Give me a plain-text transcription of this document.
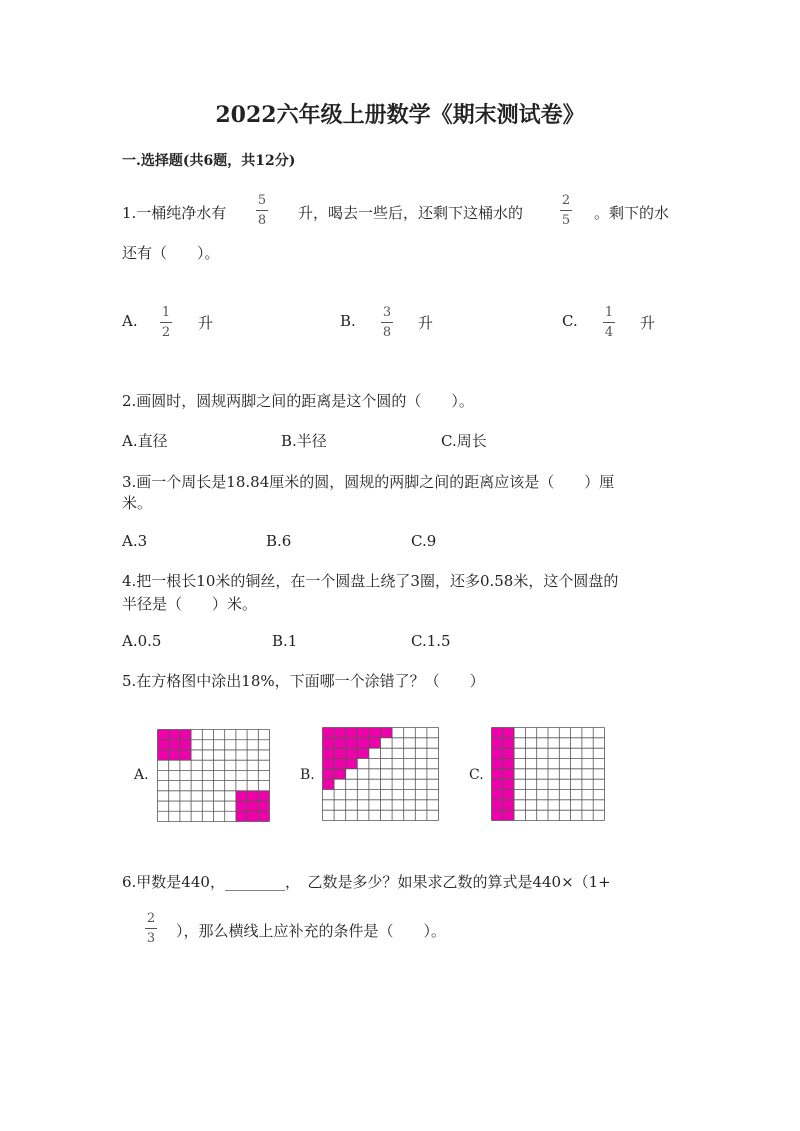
2022六年级上册数学《期末测试卷》
一.选择题(共6题，共12分)
1.一桶纯净水有
5
8 升，喝去一些后，还剩下这桶水的
2
5 。剩下的水
还有（　　）。
A. 1
2
升	B. 3
8
升	C. 1
4
升
2.画圆时，圆规两脚之间的距离是这个圆的（　　）。
A.直径	B.半径	C.周长
3.画一个周长是18.84厘米的圆，圆规的两脚之间的距离应该是（　　）厘
米。
A.3	B.6	C.9
4.把一根长10米的铜丝，在一个圆盘上绕了3圈，还多0.58米，这个圆盘的
半径是（　　）米。
A.0.5	B.1	C.1.5
5.在方格图中涂出18%，下面哪一个涂错了？（　　）
A.	B.	C.
6.甲数是440，________，　乙数是多少？如果求乙数的算式是440×（1+
2
3 ），那么横线上应补充的条件是（　　）。
